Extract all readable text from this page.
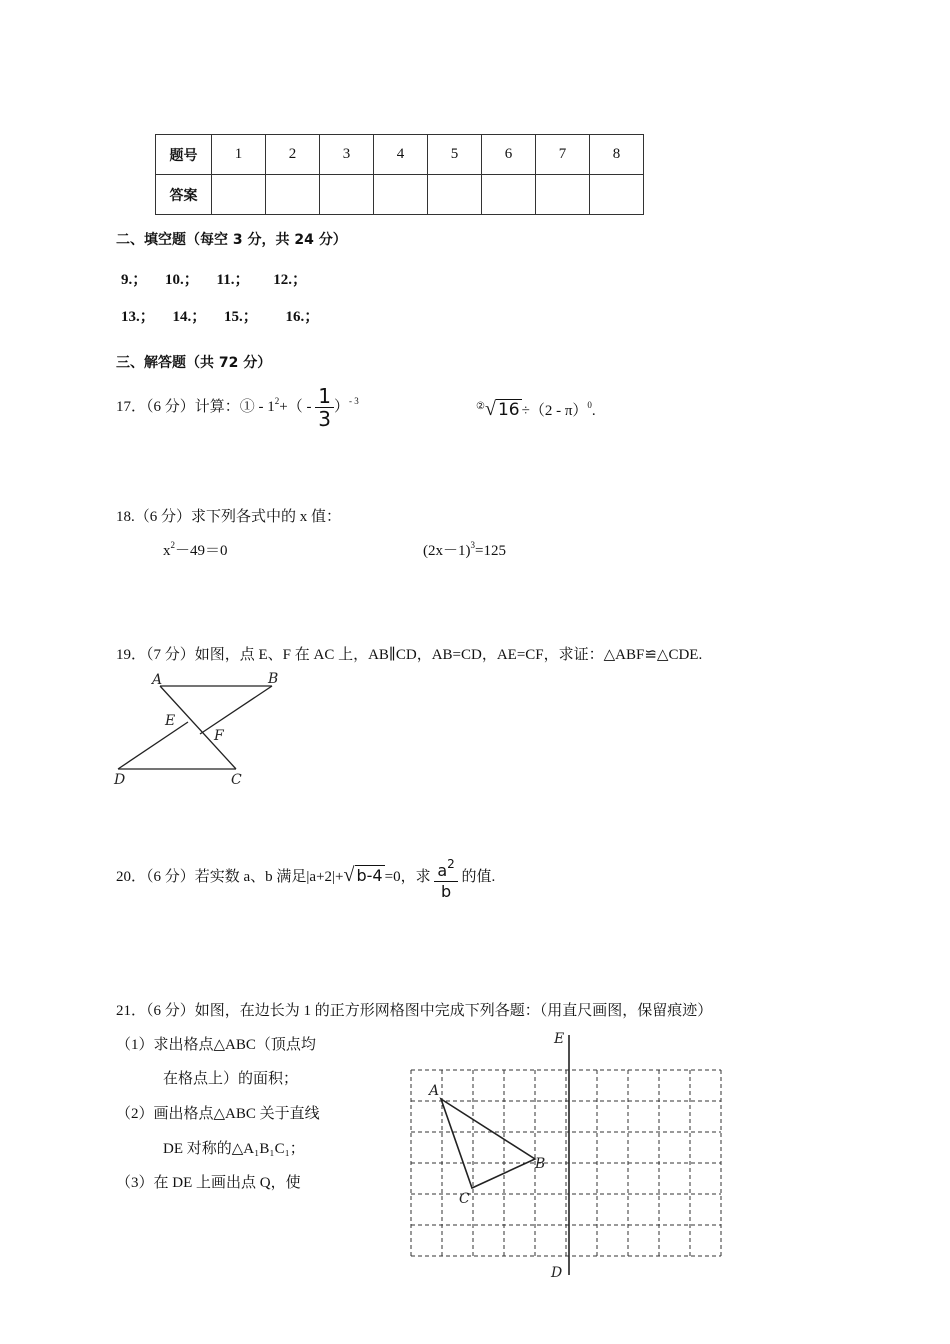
题号	1	2	3	4	5	6	7	8
答案								
二、填空题（每空 3 分，共 24 分）
9.； 10.； 11.； 12.；
13.； 14.； 15.； 16.；
三、解答题（共 72 分）
17．（6 分）计算：① - $1^2+( - \frac{1}{3} )^{- 3}$	②√ 16 ÷（2 - π）$^0$.
18.（6 分）求下列各式中的 x 值：
$x^2-49=0$	$(2x-1)^3=125$
19．（7 分）如图，点 E、F 在 AC 上，AB∥CD，AB=CD，AE=CF，求证：△ABF≌△CDE.
A	B
E
F
D	C
20．（6 分）若实数 a、b 满足|a+2|+√ b-4 =0，求 $\frac{a^2}{b}$ 的值.
21．（6 分）如图，在边长为 1 的正方形网格图中完成下列各题：（用直尺画图，保留痕迹）
（1）求出格点△ABC（顶点均
在格点上）的面积；
（2）画出格点△ABC 关于直线
DE 对称的△A₁B₁C₁；
（3）在 DE 上画出点 Q，使
E
D
A
B
C
